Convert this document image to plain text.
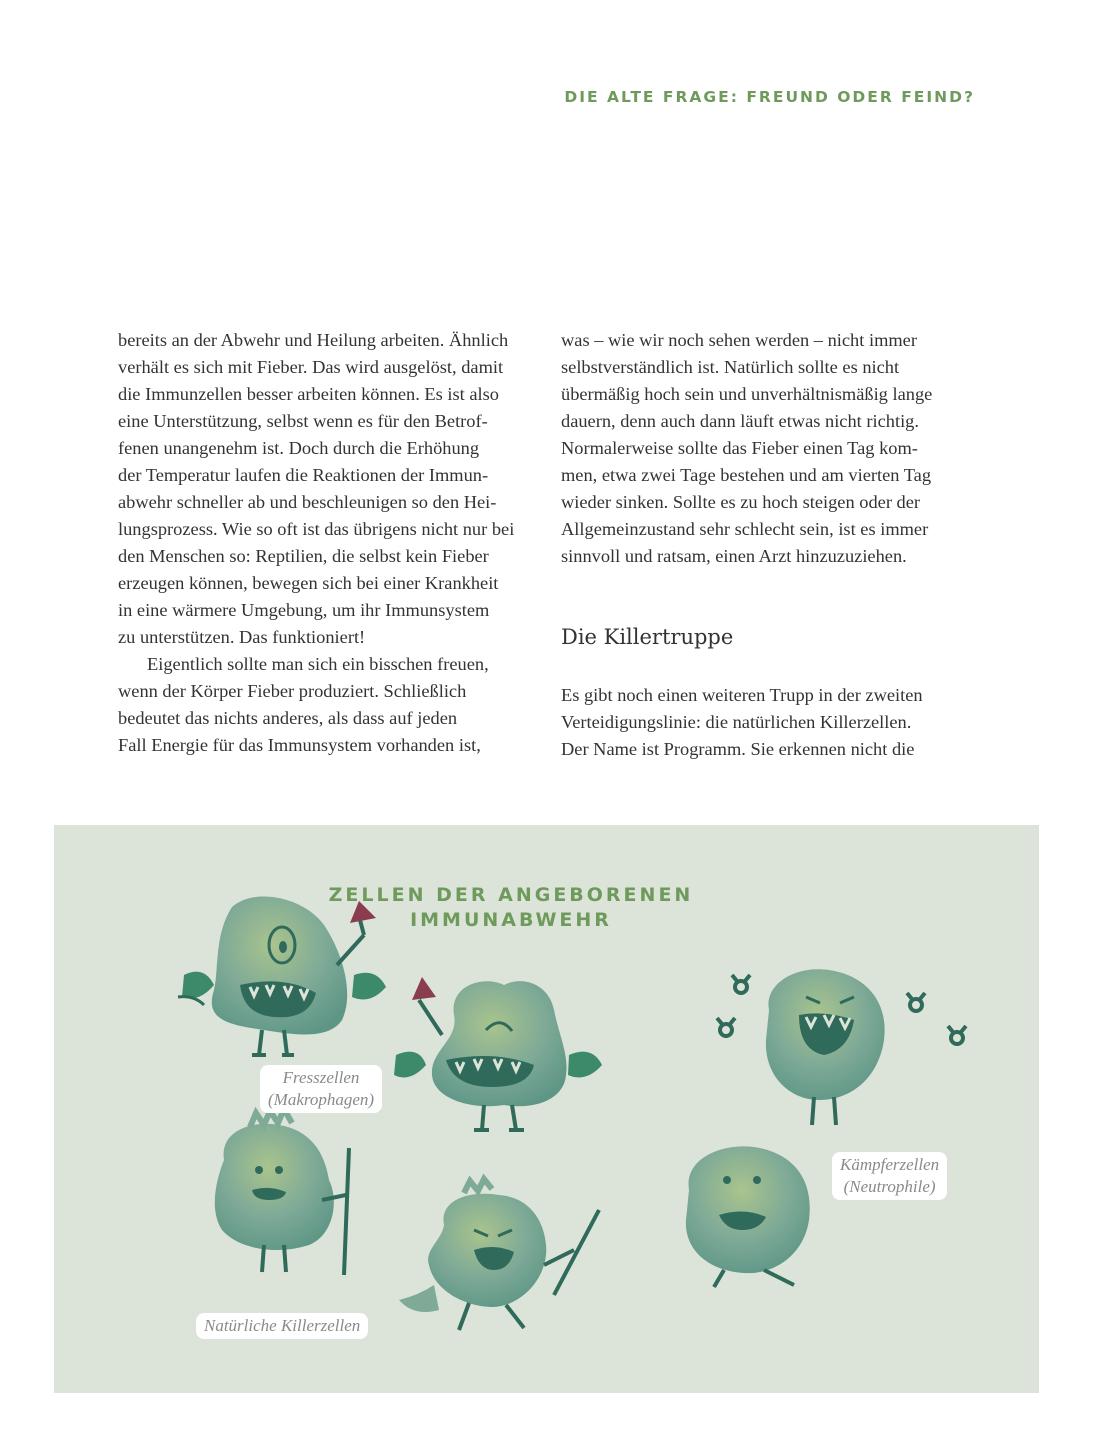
DIE ALTE FRAGE: FREUND ODER FEIND?
bereits an der Abwehr und Heilung arbeiten. Ähnlich
verhält es sich mit Fieber. Das wird ausgelöst, damit
die Immunzellen besser arbeiten können. Es ist also
eine Unterstützung, selbst wenn es für den Betrof-
fenen unangenehm ist. Doch durch die Erhöhung
der Temperatur laufen die Reaktionen der Immun-
abwehr schneller ab und beschleunigen so den Hei-
lungsprozess. Wie so oft ist das übrigens nicht nur bei
den Menschen so: Reptilien, die selbst kein Fieber
erzeugen können, bewegen sich bei einer Krankheit
in eine wärmere Umgebung, um ihr Immunsystem
zu unterstützen. Das funktioniert!
Eigentlich sollte man sich ein bisschen freuen,
wenn der Körper Fieber produziert. Schließlich
bedeutet das nichts anderes, als dass auf jeden
Fall Energie für das Immunsystem vorhanden ist,
was – wie wir noch sehen werden – nicht immer
selbstverständlich ist. Natürlich sollte es nicht
übermäßig hoch sein und unverhältnismäßig lange
dauern, denn auch dann läuft etwas nicht richtig.
Normalerweise sollte das Fieber einen Tag kom-
men, etwa zwei Tage bestehen und am vierten Tag
wieder sinken. Sollte es zu hoch steigen oder der
Allgemeinzustand sehr schlecht sein, ist es immer
sinnvoll und ratsam, einen Arzt hinzuzuziehen.
Die Killertruppe
Es gibt noch einen weiteren Trupp in der zweiten
Verteidigungslinie: die natürlichen Killerzellen.
Der Name ist Programm. Sie erkennen nicht die
ZELLEN DER ANGEBORENEN
IMMUNABWEHR
Fresszellen
(Makrophagen)
Natürliche Killerzellen
Kämpferzellen
(Neutrophile)
